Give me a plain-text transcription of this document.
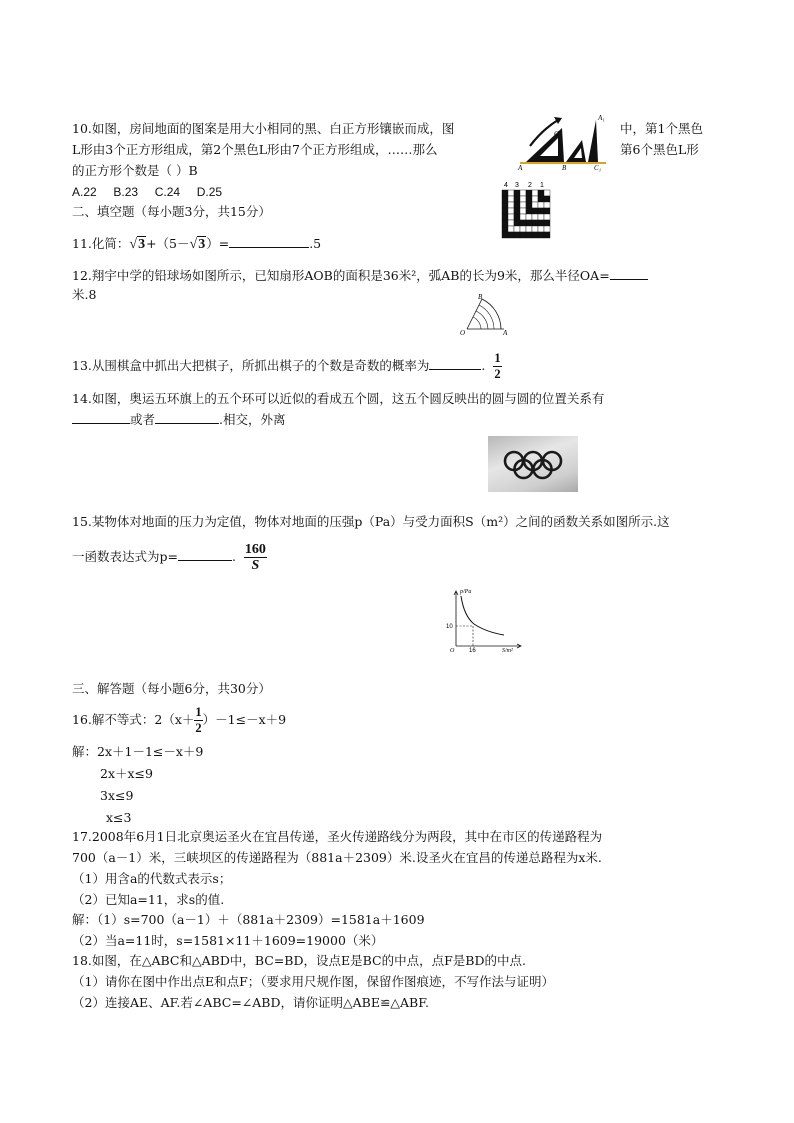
10.如图，房间地面的图案是用大小相同的黑、白正方形镶嵌而成，图	中，第1个黑色
L形由3个正方形组成，第2个黑色L形由7个正方形组成，……那么	第6个黑色L形
的正方形个数是（ ）B
A.22 B.23 C.24 D.25
A	B
C
C₁
A₁
4 3 2 1
二、填空题（每小题3分，共15分）
11.化简：√3+（5－√3）=	.5
12.翔宇中学的铅球场如图所示，已知扇形AOB的面积是36米²，弧AB的长为9米，那么半径OA=
米.8
O	A
B
13.从围棋盒中抓出大把棋子，所抓出棋子的个数是奇数的概率为	. $\frac{1}{2}$
14.如图，奥运五环旗上的五个环可以近似的看成五个圆，这五个圆反映出的圆与圆的位置关系有
或者	.相交，外离
15.某物体对地面的压力为定值，物体对地面的压强p（Pa）与受力面积S（m²）之间的函数关系如图所示.这
一函数表达式为p=	. $\frac{160}{S}$
p/Pa
S/m²
O
10
16
三、解答题（每小题6分，共30分）
16.解不等式：$2(x+ \frac{1}{2} )-1\le-x+9$
解：2x＋1－1≤－x＋9
2x＋x≤9
3x≤9
x≤3
17.2008年6月1日北京奥运圣火在宜昌传递，圣火传递路线分为两段，其中在市区的传递路程为
700（a－1）米，三峡坝区的传递路程为（881a＋2309）米.设圣火在宜昌的传递总路程为x米.
（1）用含a的代数式表示s；
（2）已知a=11，求s的值.
解：（1）s=700（a－1）＋（881a＋2309）=1581a＋1609
（2）当a=11时，s=1581×11＋1609=19000（米）
18.如图，在△ABC和△ABD中，BC=BD，设点E是BC的中点，点F是BD的中点.
（1）请你在图中作出点E和点F；（要求用尺规作图，保留作图痕迹，不写作法与证明）
（2）连接AE、AF.若∠ABC=∠ABD，请你证明△ABE≌△ABF.
